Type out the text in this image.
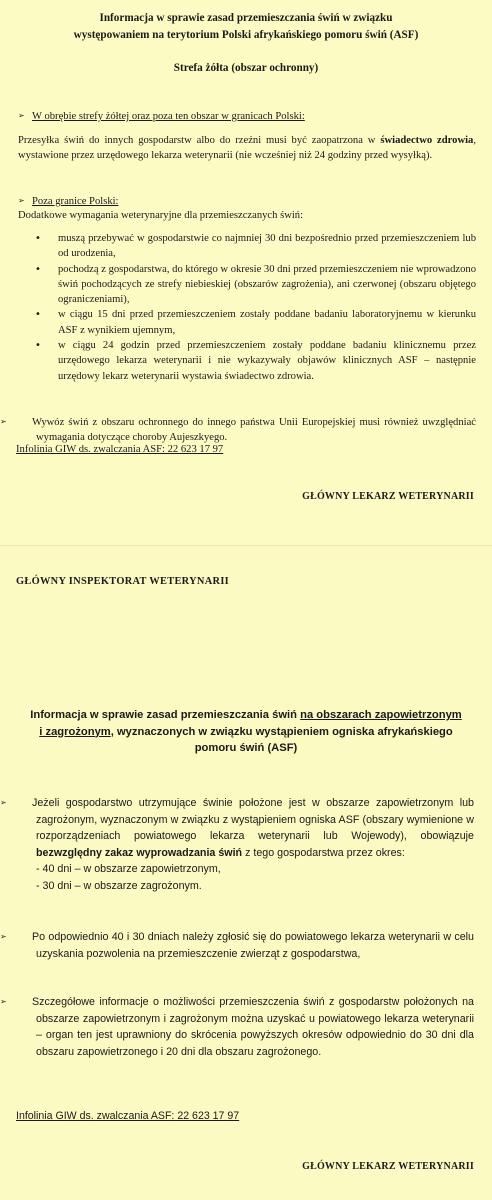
Informacja w sprawie zasad przemieszczania świń w związku
występowaniem na terytorium Polski afrykańskiego pomoru świń (ASF)
Strefa żółta (obszar ochronny)
➢ W obrębie strefy żółtej oraz poza ten obszar w granicach Polski:
Przesyłka świń do innych gospodarstw albo do rzeźni musi być zaopatrzona w świadectwo zdrowia, wystawione przez urzędowego lekarza weterynarii (nie wcześniej niż 24 godziny przed wysyłką).
➢ Poza granice Polski:
Dodatkowe wymagania weterynaryjne dla przemieszczanych świń:
• muszą przebywać w gospodarstwie co najmniej 30 dni bezpośrednio przed przemieszczeniem lub od urodzenia,
• pochodzą z gospodarstwa, do którego w okresie 30 dni przed przemieszczeniem nie wprowadzono świń pochodzących ze strefy niebieskiej (obszarów zagrożenia), ani czerwonej (obszaru objętego ograniczeniami),
• w ciągu 15 dni przed przemieszczeniem zostały poddane badaniu laboratoryjnemu w kierunku ASF z wynikiem ujemnym,
• w ciągu 24 godzin przed przemieszczeniem zostały poddane badaniu klinicznemu przez urzędowego lekarza weterynarii i nie wykazywały objawów klinicznych ASF – następnie urzędowy lekarz weterynarii wystawia świadectwo zdrowia.
➢ Wywóz świń z obszaru ochronnego do innego państwa Unii Europejskiej musi również uwzględniać wymagania dotyczące choroby Aujeszkyego.
Infolinia GIW ds. zwalczania ASF: 22 623 17 97
GŁÓWNY LEKARZ WETERYNARII
GŁÓWNY INSPEKTORAT WETERYNARII
Informacja w sprawie zasad przemieszczania świń na obszarach zapowietrzonym i zagrożonym, wyznaczonych w związku wystąpieniem ogniska afrykańskiego pomoru świń (ASF)
➢ Jeżeli gospodarstwo utrzymujące świnie położone jest w obszarze zapowietrzonym lub zagrożonym, wyznaczonym w związku z wystąpieniem ogniska ASF (obszary wymienione w rozporządzeniach powiatowego lekarza weterynarii lub Wojewody), obowiązuje bezwzględny zakaz wyprowadzania świń z tego gospodarstwa przez okres:
- 40 dni – w obszarze zapowietrzonym,
- 30 dni – w obszarze zagrożonym.
➢ Po odpowiednio 40 i 30 dniach należy zgłosić się do powiatowego lekarza weterynarii w celu uzyskania pozwolenia na przemieszczenie zwierząt z gospodarstwa,
➢ Szczegółowe informacje o możliwości przemieszczenia świń z gospodarstw położonych na obszarze zapowietrzonym i zagrożonym można uzyskać u powiatowego lekarza weterynarii – organ ten jest uprawniony do skrócenia powyższych okresów odpowiednio do 30 dni dla obszaru zapowietrzonego i 20 dni dla obszaru zagrożonego.
Infolinia GIW ds. zwalczania ASF: 22 623 17 97
GŁÓWNY LEKARZ WETERYNARII
